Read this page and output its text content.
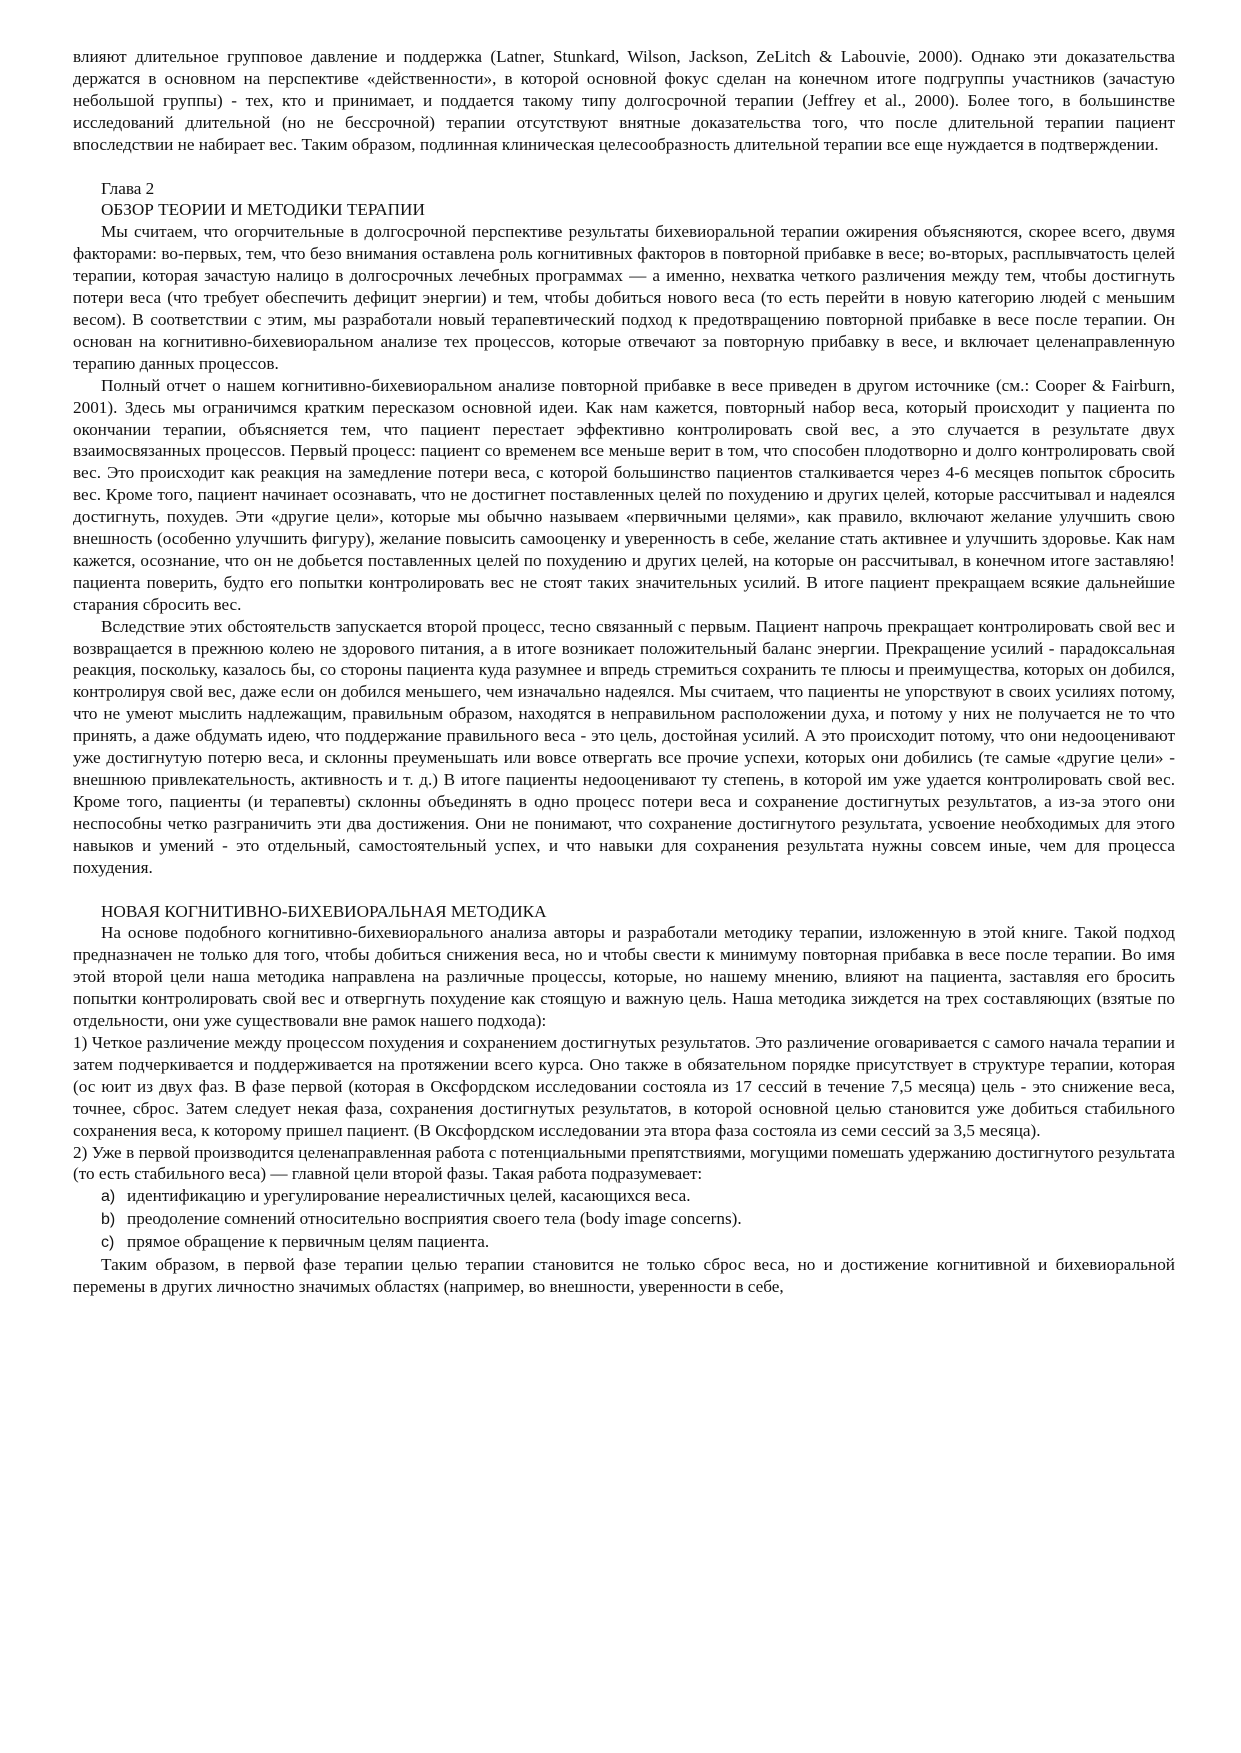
влияют длительное групповое давление и поддержка (Latner, Stunkard, Wilson, Jackson, ZeLitch & Labouvie, 2000). Однако эти доказательства держатся в основном на перспективе «действенности», в которой основной фокус сделан на конечном итоге подгруппы участников (зачастую небольшой группы) - тех, кто и принимает, и поддается такому типу долгосрочной терапии (Jeffrey et al., 2000). Более того, в большинстве исследований длительной (но не бессрочной) терапии отсутствуют внятные доказательства того, что после длительной терапии пациент впоследствии не набирает вес. Таким образом, подлинная клиническая целесообразность длительной терапии все еще нуждается в подтверждении.

Глава 2

ОБЗОР ТЕОРИИ И МЕТОДИКИ ТЕРАПИИ

Мы считаем, что огорчительные в долгосрочной перспективе результаты бихевиоральной терапии ожирения объясняются, скорее всего, двумя факторами: во-первых, тем, что безо внимания оставлена роль когнитивных факторов в повторной прибавке в весе; во-вторых, расплывчатость целей терапии, которая зачастую налицо в долгосрочных лечебных программах — а именно, нехватка четкого различения между тем, чтобы достигнуть потери веса (что требует обеспечить дефицит энергии) и тем, чтобы добиться нового веса (то есть перейти в новую категорию людей с меньшим весом). В соответствии с этим, мы разработали новый терапевтический подход к предотвращению повторной прибавке в весе после терапии. Он основан на когнитивно-бихевиоральном анализе тех процессов, которые отвечают за повторную прибавку в весе, и включает целенаправленную терапию данных процессов.

Полный отчет о нашем когнитивно-бихевиоральном анализе повторной прибавке в весе приведен в другом источнике (см.: Cooper & Fairburn, 2001). Здесь мы ограничимся кратким пересказом основной идеи. Как нам кажется, повторный набор веса, который происходит у пациента по окончании терапии, объясняется тем, что пациент перестает эффективно контролировать свой вес, а это случается в результате двух взаимосвязанных процессов. Первый процесс: пациент со временем все меньше верит в том, что способен плодотворно и долго контролировать свой вес. Это происходит как реакция на замедление потери веса, с которой большинство пациентов сталкивается через 4-6 месяцев попыток сбросить вес. Кроме того, пациент начинает осознавать, что не достигнет поставленных целей по похудению и других целей, которые рассчитывал и надеялся достигнуть, похудев. Эти «другие цели», которые мы обычно называем «первичными целями», как правило, включают желание улучшить свою внешность (особенно улучшить фигуру), желание повысить самооценку и уверенность в себе, желание стать активнее и улучшить здоровье. Как нам кажется, осознание, что он не добьется поставленных целей по похудению и других целей, на которые он рассчитывал, в конечном итоге заставляю! пациента поверить, будто его попытки контролировать вес не стоят таких значительных усилий. В итоге пациент прекращаем всякие дальнейшие старания сбросить вес.

Вследствие этих обстоятельств запускается второй процесс, тесно связанный с первым. Пациент напрочь прекращает контролировать свой вес и возвращается в прежнюю колею не здорового питания, а в итоге возникает положительный баланс энергии. Прекращение усилий - парадоксальная реакция, поскольку, казалось бы, со стороны пациента куда разумнее и впредь стремиться сохранить те плюсы и преимущества, которых он добился, контролируя свой вес, даже если он добился меньшего, чем изначально надеялся. Мы считаем, что пациенты не упорствуют в своих усилиях потому, что не умеют мыслить надлежащим, правильным образом, находятся в неправильном расположении духа, и потому у них не получается не то что принять, а даже обдумать идею, что поддержание правильного веса - это цель, достойная усилий. А это происходит потому, что они недооценивают уже достигнутую потерю веса, и склонны преуменьшать или вовсе отвергать все прочие успехи, которых они добились (те самые «другие цели» - внешнюю привлекательность, активность и т. д.) В итоге пациенты недооценивают ту степень, в которой им уже удается контролировать свой вес. Кроме того, пациенты (и терапевты) склонны объединять в одно процесс потери веса и сохранение достигнутых результатов, а из-за этого они неспособны четко разграничить эти два достижения. Они не понимают, что сохранение достигнутого результата, усвоение необходимых для этого навыков и умений - это отдельный, самостоятельный успех, и что навыки для сохранения результата нужны совсем иные, чем для процесса похудения.

НОВАЯ КОГНИТИВНО-БИХЕВИОРАЛЬНАЯ МЕТОДИКА

На основе подобного когнитивно-бихевиорального анализа авторы и разработали методику терапии, изложенную в этой книге. Такой подход предназначен не только для того, чтобы добиться снижения веса, но и чтобы свести к минимуму повторная прибавка в весе после терапии. Во имя этой второй цели наша методика направлена на различные процессы, которые, но нашему мнению, влияют на пациента, заставляя его бросить попытки контролировать свой вес и отвергнуть похудение как стоящую и важную цель. Наша методика зиждется на трех составляющих (взятые по отдельности, они уже существовали вне рамок нашего подхода):

1) Четкое различение между процессом похудения и сохранением достигнутых результатов. Это различение оговаривается с самого начала терапии и затем подчеркивается и поддерживается на протяжении всего курса. Оно также в обязательном порядке присутствует в структуре терапии, которая (ос юит из двух фаз. В фазе первой (которая в Оксфордском исследовании состояла из 17 сессий в течение 7,5 месяца) цель - это снижение веса, точнее, сброс. Затем следует некая фаза, сохранения достигнутых результатов, в которой основной целью становится уже добиться стабильного сохранения веса, к которому пришел пациент. (В Оксфордском исследовании эта втора фаза состояла из семи сессий за 3,5 месяца).

2) Уже в первой производится целенаправленная работа с потенциальными препятствиями, могущими помешать удержанию достигнутого результата (то есть стабильного веса) — главной цели второй фазы. Такая работа подразумевает:

a) идентификацию и урегулирование нереалистичных целей, касающихся веса.
b) преодоление сомнений относительно восприятия своего тела (body image concerns).
c) прямое обращение к первичным целям пациента.

Таким образом, в первой фазе терапии целью терапии становится не только сброс веса, но и достижение когнитивной и бихевиоральной перемены в других личностно значимых областях (например, во внешности, уверенности в себе,
